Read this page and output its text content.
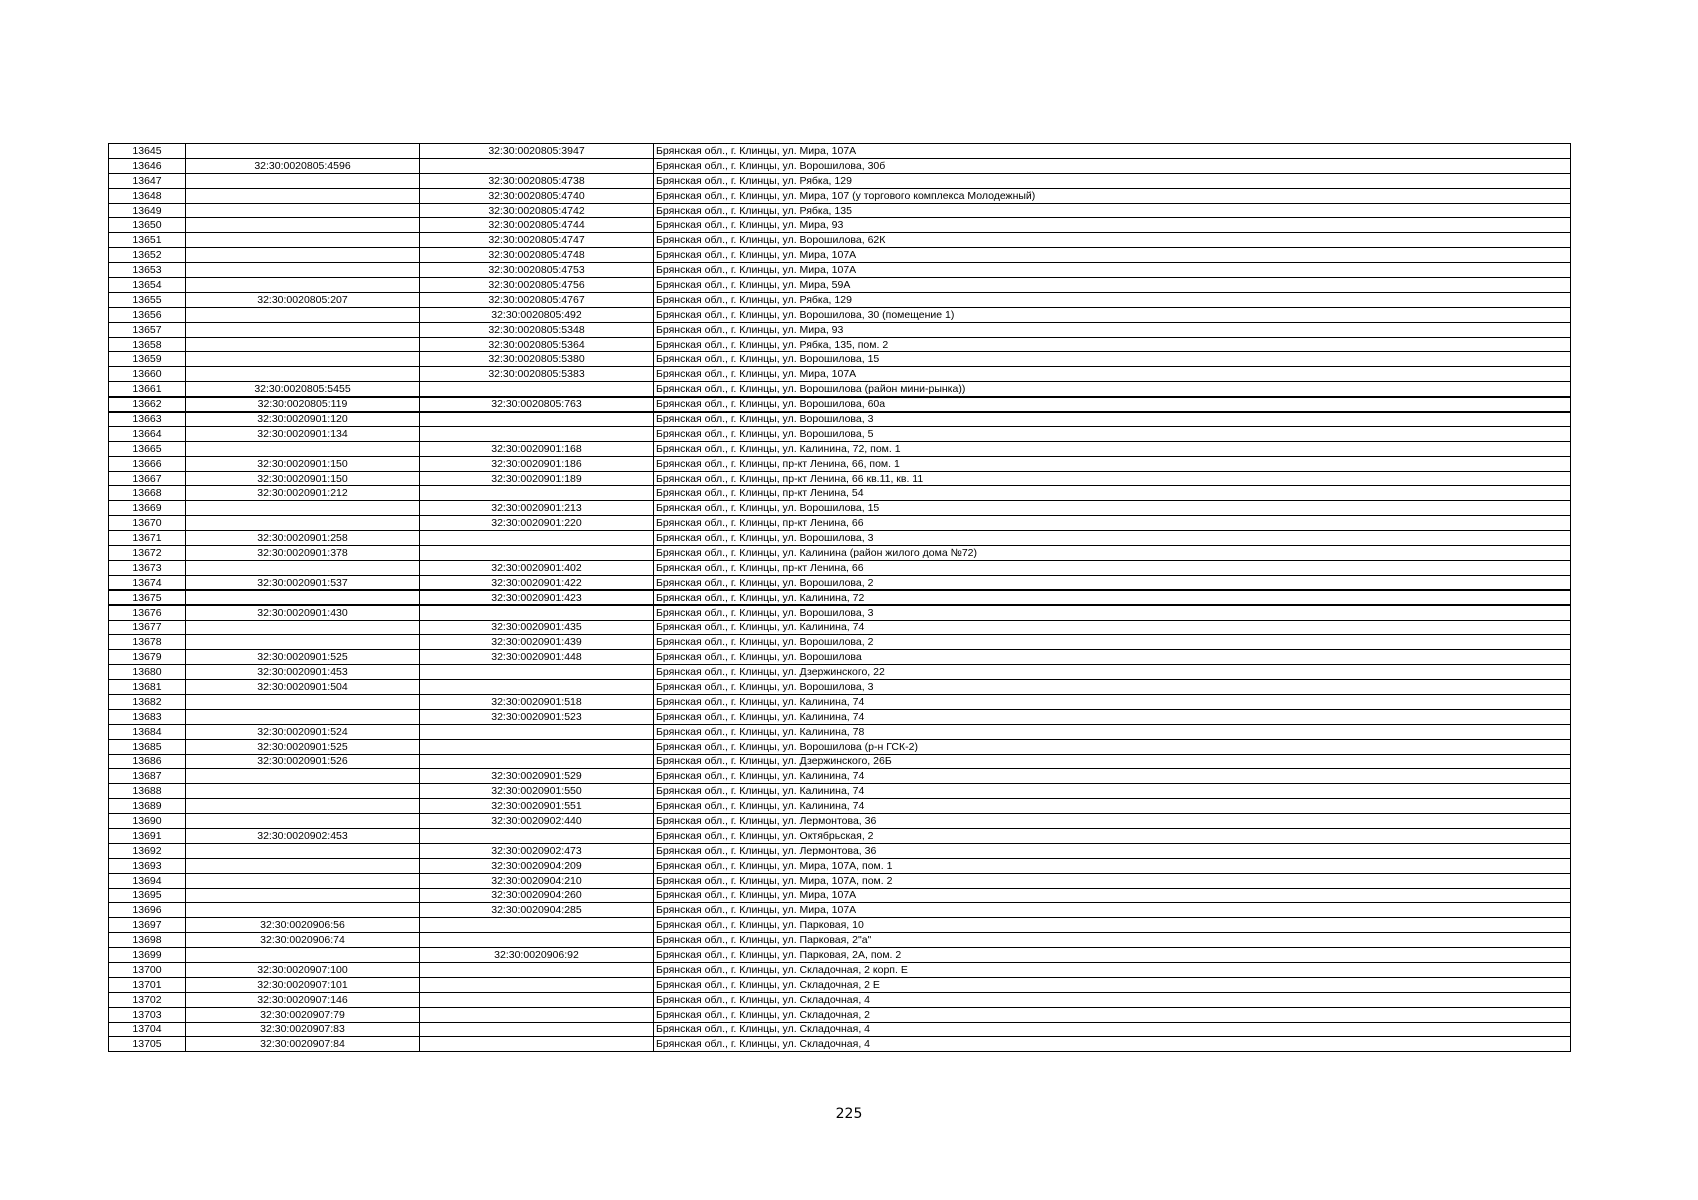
13645		32:30:0020805:3947	Брянская обл., г. Клинцы, ул. Мира, 107А
13646	32:30:0020805:4596		Брянская обл., г. Клинцы, ул. Ворошилова, 30б
13647		32:30:0020805:4738	Брянская обл., г. Клинцы, ул. Рябка, 129
13648		32:30:0020805:4740	Брянская обл., г. Клинцы, ул. Мира, 107 (у торгового комплекса Молодежный)
13649		32:30:0020805:4742	Брянская обл., г. Клинцы, ул. Рябка, 135
13650		32:30:0020805:4744	Брянская обл., г. Клинцы, ул. Мира, 93
13651		32:30:0020805:4747	Брянская обл., г. Клинцы, ул. Ворошилова, 62К
13652		32:30:0020805:4748	Брянская обл., г. Клинцы, ул. Мира, 107А
13653		32:30:0020805:4753	Брянская обл., г. Клинцы, ул. Мира, 107А
13654		32:30:0020805:4756	Брянская обл., г. Клинцы, ул. Мира, 59А
13655	32:30:0020805:207	32:30:0020805:4767	Брянская обл., г. Клинцы, ул. Рябка, 129
13656		32:30:0020805:492	Брянская обл., г. Клинцы, ул. Ворошилова, 30 (помещение 1)
13657		32:30:0020805:5348	Брянская обл., г. Клинцы, ул. Мира, 93
13658		32:30:0020805:5364	Брянская обл., г. Клинцы, ул. Рябка, 135, пом. 2
13659		32:30:0020805:5380	Брянская обл., г. Клинцы, ул. Ворошилова, 15
13660		32:30:0020805:5383	Брянская обл., г. Клинцы, ул. Мира, 107А
13661	32:30:0020805:5455		Брянская обл., г. Клинцы, ул. Ворошилова (район мини-рынка))
13662	32:30:0020805:119	32:30:0020805:763	Брянская обл., г. Клинцы, ул. Ворошилова, 60а
13663	32:30:0020901:120		Брянская обл., г. Клинцы, ул. Ворошилова, 3
13664	32:30:0020901:134		Брянская обл., г. Клинцы, ул. Ворошилова, 5
13665		32:30:0020901:168	Брянская обл., г. Клинцы, ул. Калинина, 72, пом. 1
13666	32:30:0020901:150	32:30:0020901:186	Брянская обл., г. Клинцы, пр-кт Ленина, 66, пом. 1
13667	32:30:0020901:150	32:30:0020901:189	Брянская обл., г. Клинцы, пр-кт Ленина, 66 кв.11, кв. 11
13668	32:30:0020901:212		Брянская обл., г. Клинцы, пр-кт Ленина, 54
13669		32:30:0020901:213	Брянская обл., г. Клинцы, ул. Ворошилова, 15
13670		32:30:0020901:220	Брянская обл., г. Клинцы, пр-кт Ленина, 66
13671	32:30:0020901:258		Брянская обл., г. Клинцы, ул. Ворошилова, 3
13672	32:30:0020901:378		Брянская обл., г. Клинцы, ул. Калинина (район жилого дома №72)
13673		32:30:0020901:402	Брянская обл., г. Клинцы, пр-кт Ленина, 66
13674	32:30:0020901:537	32:30:0020901:422	Брянская обл., г. Клинцы, ул. Ворошилова, 2
13675		32:30:0020901:423	Брянская обл., г. Клинцы, ул. Калинина, 72
13676	32:30:0020901:430		Брянская обл., г. Клинцы, ул. Ворошилова, 3
13677		32:30:0020901:435	Брянская обл., г. Клинцы, ул. Калинина, 74
13678		32:30:0020901:439	Брянская обл., г. Клинцы, ул. Ворошилова, 2
13679	32:30:0020901:525	32:30:0020901:448	Брянская обл., г. Клинцы, ул. Ворошилова
13680	32:30:0020901:453		Брянская обл., г. Клинцы, ул. Дзержинского, 22
13681	32:30:0020901:504		Брянская обл., г. Клинцы, ул. Ворошилова, 3
13682		32:30:0020901:518	Брянская обл., г. Клинцы, ул. Калинина, 74
13683		32:30:0020901:523	Брянская обл., г. Клинцы, ул. Калинина, 74
13684	32:30:0020901:524		Брянская обл., г. Клинцы, ул. Калинина, 78
13685	32:30:0020901:525		Брянская обл., г. Клинцы, ул. Ворошилова (р-н ГСК-2)
13686	32:30:0020901:526		Брянская обл., г. Клинцы, ул. Дзержинского, 26Б
13687		32:30:0020901:529	Брянская обл., г. Клинцы, ул. Калинина, 74
13688		32:30:0020901:550	Брянская обл., г. Клинцы, ул. Калинина, 74
13689		32:30:0020901:551	Брянская обл., г. Клинцы, ул. Калинина, 74
13690		32:30:0020902:440	Брянская обл., г. Клинцы, ул. Лермонтова, 36
13691	32:30:0020902:453		Брянская обл., г. Клинцы, ул. Октябрьская, 2
13692		32:30:0020902:473	Брянская обл., г. Клинцы, ул. Лермонтова, 36
13693		32:30:0020904:209	Брянская обл., г. Клинцы, ул. Мира, 107А, пом. 1
13694		32:30:0020904:210	Брянская обл., г. Клинцы, ул. Мира, 107А, пом. 2
13695		32:30:0020904:260	Брянская обл., г. Клинцы, ул. Мира, 107А
13696		32:30:0020904:285	Брянская обл., г. Клинцы, ул. Мира, 107А
13697	32:30:0020906:56		Брянская обл., г. Клинцы, ул. Парковая, 10
13698	32:30:0020906:74		Брянская обл., г. Клинцы, ул. Парковая, 2"а"
13699		32:30:0020906:92	Брянская обл., г. Клинцы, ул. Парковая, 2А, пом. 2
13700	32:30:0020907:100		Брянская обл., г. Клинцы, ул. Складочная, 2 корп. Е
13701	32:30:0020907:101		Брянская обл., г. Клинцы, ул. Складочная, 2 Е
13702	32:30:0020907:146		Брянская обл., г. Клинцы, ул. Складочная, 4
13703	32:30:0020907:79		Брянская обл., г. Клинцы, ул. Складочная, 2
13704	32:30:0020907:83		Брянская обл., г. Клинцы, ул. Складочная, 4
13705	32:30:0020907:84		Брянская обл., г. Клинцы, ул. Складочная, 4
225
